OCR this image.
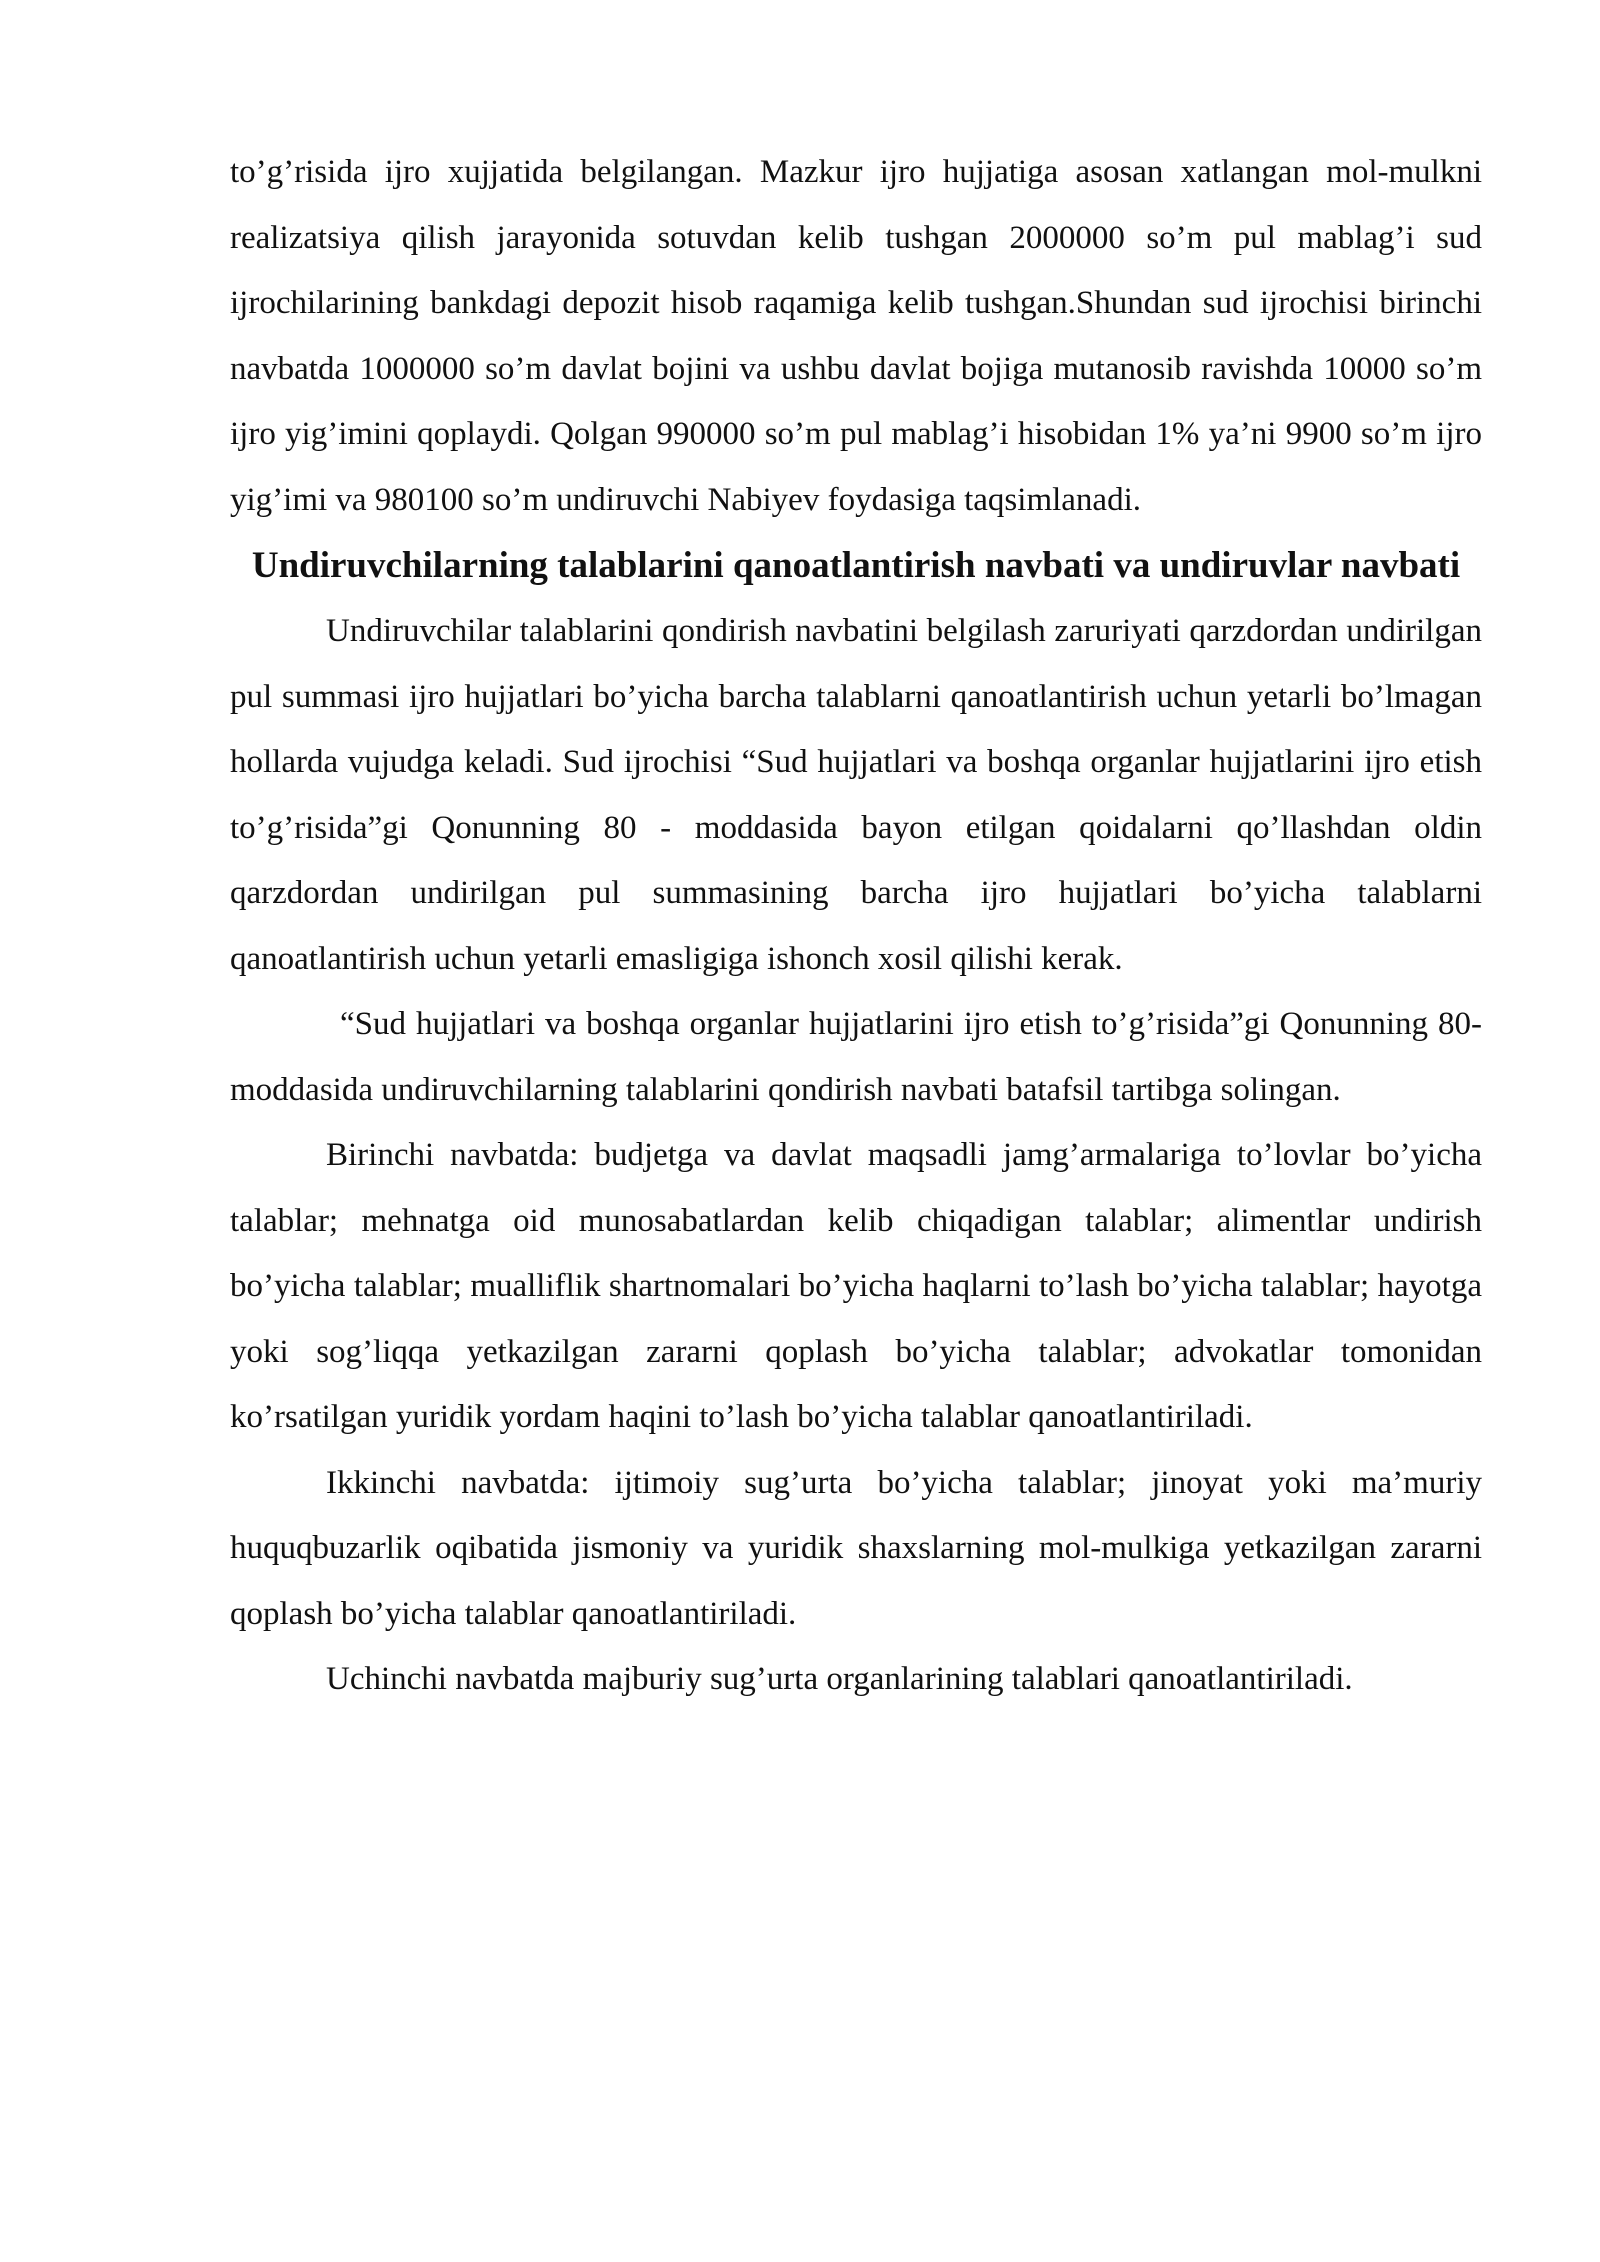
to’g’risida ijro xujjatida belgilangan. Mazkur ijro hujjatiga asosan xatlangan mol-mulkni realizatsiya qilish jarayonida sotuvdan kelib tushgan 2000000 so’m pul mablag’i sud ijrochilarining bankdagi depozit hisob raqamiga kelib tushgan.Shundan sud ijrochisi birinchi navbatda 1000000 so’m davlat bojini va ushbu davlat bojiga mutanosib ravishda 10000 so’m ijro yig’imini qoplaydi. Qolgan 990000 so’m pul mablag’i hisobidan 1% ya’ni 9900 so’m ijro yig’imi va 980100 so’m undiruvchi Nabiyev foydasiga taqsimlanadi.

Undiruvchilarning talablarini qanoatlantirish navbati va undiruvlar navbati

Undiruvchilar talablarini qondirish navbatini belgilash zaruriyati qarzdordan undirilgan pul summasi ijro hujjatlari bo’yicha barcha talablarni qanoatlantirish uchun yetarli bo’lmagan hollarda vujudga keladi. Sud ijrochisi “Sud hujjatlari va boshqa organlar hujjatlarini ijro etish to’g’risida”gi Qonunning 80 - moddasida bayon etilgan qoidalarni qo’llashdan oldin qarzdordan undirilgan pul summasining barcha ijro hujjatlari bo’yicha talablarni qanoatlantirish uchun yetarli emasligiga ishonch xosil qilishi kerak.

“Sud hujjatlari va boshqa organlar hujjatlarini ijro etish to’g’risida”gi Qonunning 80-moddasida undiruvchilarning talablarini qondirish navbati batafsil tartibga solingan.

Birinchi navbatda: budjetga va davlat maqsadli jamg’armalariga to’lovlar bo’yicha talablar; mehnatga oid munosabatlardan kelib chiqadigan talablar; alimentlar undirish bo’yicha talablar; mualliflik shartnomalari bo’yicha haqlarni to’lash bo’yicha talablar; hayotga yoki sog’liqqa yetkazilgan zararni qoplash bo’yicha talablar; advokatlar tomonidan ko’rsatilgan yuridik yordam haqini to’lash bo’yicha talablar qanoatlantiriladi.

Ikkinchi navbatda: ijtimoiy sug’urta bo’yicha talablar; jinoyat yoki ma’muriy huquqbuzarlik oqibatida jismoniy va yuridik shaxslarning mol-mulkiga yetkazilgan zararni qoplash bo’yicha talablar qanoatlantiriladi.

Uchinchi navbatda majburiy sug’urta organlarining talablari qanoatlantiriladi.
